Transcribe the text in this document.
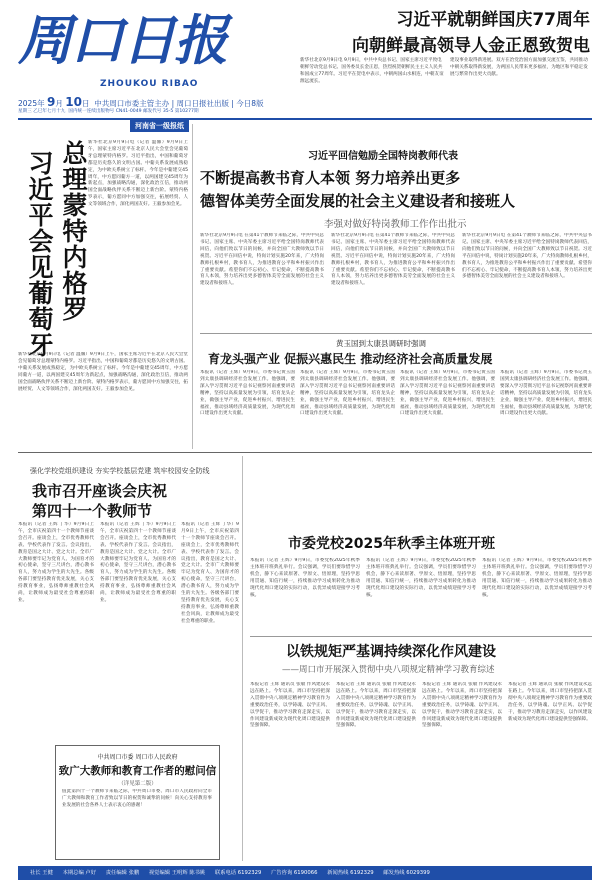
周口日报
ZHOUKOU RIBAO
习近平就朝鲜国庆77周年
向朝鲜最高领导人金正恩致贺电
新华社北京9月9日电 9月9日，中共中央总书记、国家主席习近平致电朝鲜劳动党总书记、国务委员长金正恩，热烈祝贺朝鲜民主主义人民共和国成立77周年。习近平在贺电中表示，中朝两国山水相连，中朝友谊源远流长。
建设事业取得新进展。双方在治党治国方面加强交流互鉴，共同推动中朝关系取得新发展，为两国人民带来更多福祉，为地区和平稳定发展与繁荣作出更大贡献。
2025年 9月 10日 中共周口市委主管主办 | 周口日报社出版 | 今日8版
星期三 乙巳年七月十九 国内统一连续出版物号 CN41-0049 邮发代号 35-5 第10277期
河南省一级报纸
总理蒙特内格罗
习近平会见葡萄牙
新华社北京9月9日电（记者 温馨）9月9日上午，国家主席习近平在北京人民大会堂会见葡萄牙总理蒙特内格罗。习近平指出，中国和葡萄牙都是历史悠久的文明古国。中葡关系发展成熟稳定，为中欧关系树立了标杆。今年是中葡建交45周年，中方愿同葡方一道，以两国建交45周年为新起点，加强战略沟通，深化政治互信，推动两国全面战略伙伴关系不断迈上新台阶。蒙特内格罗表示，葡方愿同中方加强交往，拓展经贸、人文等领域合作，深化两国友好。王毅参加会见。
新华社北京9月9日电（记者 温馨）9月9日上午，国家主席习近平在北京人民大会堂会见葡萄牙总理蒙特内格罗。习近平指出，中国和葡萄牙都是历史悠久的文明古国。中葡关系发展成熟稳定，为中欧关系树立了标杆。今年是中葡建交45周年，中方愿同葡方一道，以两国建交45周年为新起点，加强战略沟通，深化政治互信，推动两国全面战略伙伴关系不断迈上新台阶。蒙特内格罗表示，葡方愿同中方加强交往，拓展经贸、人文等领域合作，深化两国友好。王毅参加会见。
习近平回信勉励全国特岗教师代表
不断提高教书育人本领 努力培养出更多
德智体美劳全面发展的社会主义建设者和接班人
李强对做好特岗教师工作作出批示
新华社北京9月9日电 在第41个教师节来临之际，中共中央总书记、国家主席、中央军委主席习近平给全国特岗教师代表回信，向他们致以节日的问候，并向全国广大教师致以节日祝贺。习近平在回信中说，特岗计划实施20年来，广大特岗教师扎根乡村，教书育人，为推进教育公平和乡村振兴作出了重要贡献。希望你们不忘初心、牢记使命，不断提高教书育人本领，努力培养出更多德智体美劳全面发展的社会主义建设者和接班人。
新华社北京9月9日电 在第41个教师节来临之际，中共中央总书记、国家主席、中央军委主席习近平给全国特岗教师代表回信，向他们致以节日的问候，并向全国广大教师致以节日祝贺。习近平在回信中说，特岗计划实施20年来，广大特岗教师扎根乡村，教书育人，为推进教育公平和乡村振兴作出了重要贡献。希望你们不忘初心、牢记使命，不断提高教书育人本领，努力培养出更多德智体美劳全面发展的社会主义建设者和接班人。
新华社北京9月9日电 在第41个教师节来临之际，中共中央总书记、国家主席、中央军委主席习近平给全国特岗教师代表回信，向他们致以节日的问候，并向全国广大教师致以节日祝贺。习近平在回信中说，特岗计划实施20年来，广大特岗教师扎根乡村，教书育人，为推进教育公平和乡村振兴作出了重要贡献。希望你们不忘初心、牢记使命，不断提高教书育人本领，努力培养出更多德智体美劳全面发展的社会主义建设者和接班人。
黄玉国到太康县调研时强调
育龙头强产业 促振兴惠民生 推动经济社会高质量发展
本报讯（记者 王辉）9月9日，市委书记黄玉国到太康县调研经济社会发展工作。他强调，要深入学习贯彻习近平总书记视察河南重要讲话精神，坚持以高质量发展为引领，培育龙头企业，做强主导产业，促进乡村振兴，增进民生福祉，推动县域经济高质量发展，为现代化周口建设作出更大贡献。
本报讯（记者 王辉）9月9日，市委书记黄玉国到太康县调研经济社会发展工作。他强调，要深入学习贯彻习近平总书记视察河南重要讲话精神，坚持以高质量发展为引领，培育龙头企业，做强主导产业，促进乡村振兴，增进民生福祉，推动县域经济高质量发展，为现代化周口建设作出更大贡献。
本报讯（记者 王辉）9月9日，市委书记黄玉国到太康县调研经济社会发展工作。他强调，要深入学习贯彻习近平总书记视察河南重要讲话精神，坚持以高质量发展为引领，培育龙头企业，做强主导产业，促进乡村振兴，增进民生福祉，推动县域经济高质量发展，为现代化周口建设作出更大贡献。
本报讯（记者 王辉）9月9日，市委书记黄玉国到太康县调研经济社会发展工作。他强调，要深入学习贯彻习近平总书记视察河南重要讲话精神，坚持以高质量发展为引领，培育龙头企业，做强主导产业，促进乡村振兴，增进民生福祉，推动县域经济高质量发展，为现代化周口建设作出更大贡献。
强化学校党组织建设 夯实学校基层党建 筑牢校园安全防线
我市召开座谈会庆祝
第四十一个教师节
本报讯（记者 王辉 丁华）9月9日上午，全市庆祝第四十一个教师节座谈会召开。座谈会上，全市优秀教师代表、学校代表作了发言。会议指出，教育是国之大计、党之大计。全市广大教师要牢记为党育人、为国育才的初心使命，坚守三尺讲台，潜心教书育人，努力成为学生的大先生。各级各部门要坚持教育优先发展，关心支持教育事业，弘扬尊师重教社会风尚，让教师成为最受社会尊重的职业。
本报讯（记者 王辉 丁华）9月9日上午，全市庆祝第四十一个教师节座谈会召开。座谈会上，全市优秀教师代表、学校代表作了发言。会议指出，教育是国之大计、党之大计。全市广大教师要牢记为党育人、为国育才的初心使命，坚守三尺讲台，潜心教书育人，努力成为学生的大先生。各级各部门要坚持教育优先发展，关心支持教育事业，弘扬尊师重教社会风尚，让教师成为最受社会尊重的职业。
本报讯（记者 王辉 丁华）9月9日上午，全市庆祝第四十一个教师节座谈会召开。座谈会上，全市优秀教师代表、学校代表作了发言。会议指出，教育是国之大计、党之大计。全市广大教师要牢记为党育人、为国育才的初心使命，坚守三尺讲台，潜心教书育人，努力成为学生的大先生。各级各部门要坚持教育优先发展，关心支持教育事业，弘扬尊师重教社会风尚，让教师成为最受社会尊重的职业。
市委党校2025年秋季主体班开班
本报讯（记者 王辉）9月9日，市委党校2025年秋季主体班开班典礼举行。会议强调，学员们要珍惜学习机会，静下心来读原著、学原文、悟原理，坚持学思用贯通、知信行统一，持续推动学习成果转化为推动现代化周口建设的实际行动，以优异成绩迎接学习考核。
本报讯（记者 王辉）9月9日，市委党校2025年秋季主体班开班典礼举行。会议强调，学员们要珍惜学习机会，静下心来读原著、学原文、悟原理，坚持学思用贯通、知信行统一，持续推动学习成果转化为推动现代化周口建设的实际行动，以优异成绩迎接学习考核。
本报讯（记者 王辉）9月9日，市委党校2025年秋季主体班开班典礼举行。会议强调，学员们要珍惜学习机会，静下心来读原著、学原文、悟原理，坚持学思用贯通、知信行统一，持续推动学习成果转化为推动现代化周口建设的实际行动，以优异成绩迎接学习考核。
以铁规矩严基调持续深化作风建设
——周口市开展深入贯彻中央八项规定精神学习教育综述
本报记者 王辉 通讯员 张敏 作风建设永远在路上。今年以来，周口市坚持把深入贯彻中央八项规定精神学习教育作为重要政治任务，以学铸魂、以学正风、以学促干，推动学习教育走深走实，以作风建设新成效为现代化周口建设提供坚强保障。
本报记者 王辉 通讯员 张敏 作风建设永远在路上。今年以来，周口市坚持把深入贯彻中央八项规定精神学习教育作为重要政治任务，以学铸魂、以学正风、以学促干，推动学习教育走深走实，以作风建设新成效为现代化周口建设提供坚强保障。
本报记者 王辉 通讯员 张敏 作风建设永远在路上。今年以来，周口市坚持把深入贯彻中央八项规定精神学习教育作为重要政治任务，以学铸魂、以学正风、以学促干，推动学习教育走深走实，以作风建设新成效为现代化周口建设提供坚强保障。
本报记者 王辉 通讯员 张敏 作风建设永远在路上。今年以来，周口市坚持把深入贯彻中央八项规定精神学习教育作为重要政治任务，以学铸魂、以学正风、以学促干，推动学习教育走深走实，以作风建设新成效为现代化周口建设提供坚强保障。
中共周口市委 周口市人民政府
致广大教师和教育工作者的慰问信
（详见第二版）
值此第四十一个教师节来临之际，中共周口市委、周口市人民政府向全市广大教师和教育工作者致以节日的祝贺和诚挚的问候！向关心支持教育事业发展的社会各界人士表示衷心的感谢！
社长 王健 本期总编 卢好 责任编辑 张鹏 视觉编辑 王明辉 陈书姚 联系电话 6192329 广告咨询 6190066 新闻热线 6192329 邮发热线 6029399
